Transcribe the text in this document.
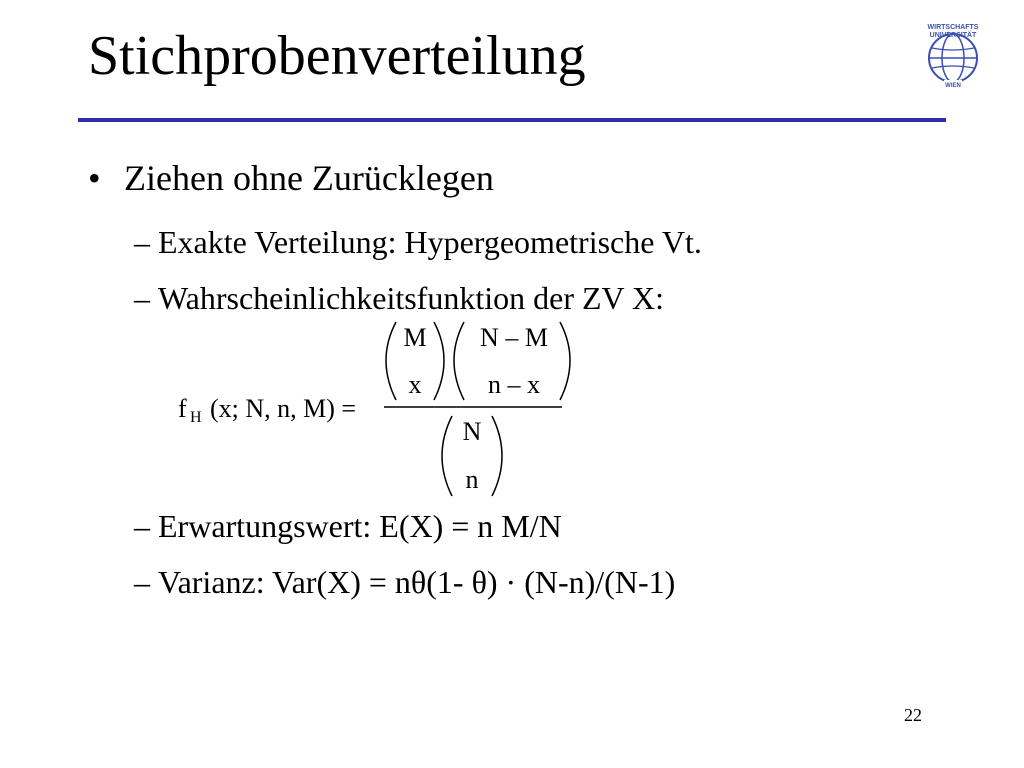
Stichprobenverteilung	WIRTSCHAFTS
UNIVERSITÄT
WIEN
• Ziehen ohne Zurücklegen
– Exakte Verteilung: Hypergeometrische Vt.
– Wahrscheinlichkeitsfunktion der ZV X:
f H (x; N, n, M) =
M
x
N – M
n – x
N
n
– Erwartungswert: E(X) = n M/N
– Varianz: Var(X) = nθ(1- θ) · (N-n)/(N-1)
22
